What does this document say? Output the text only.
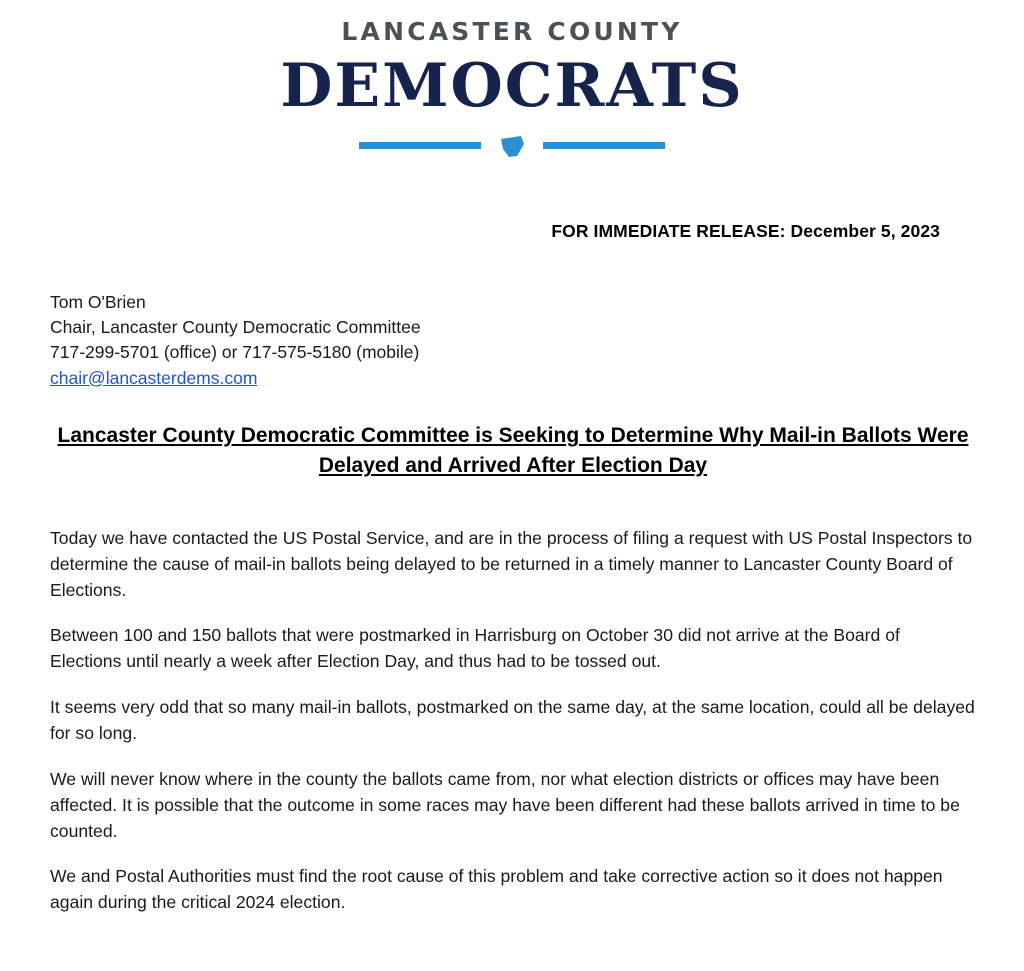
LANCASTER COUNTY
DEMOCRATS
FOR IMMEDIATE RELEASE: December 5, 2023
Tom O'Brien
Chair, Lancaster County Democratic Committee
717-299-5701 (office) or 717-575-5180 (mobile)
chair@lancasterdems.com
Lancaster County Democratic Committee is Seeking to Determine Why Mail-in Ballots Were Delayed and Arrived After Election Day

Today we have contacted the US Postal Service, and are in the process of filing a request with US Postal Inspectors to determine the cause of mail-in ballots being delayed to be returned in a timely manner to Lancaster County Board of Elections.

Between 100 and 150 ballots that were postmarked in Harrisburg on October 30 did not arrive at the Board of Elections until nearly a week after Election Day, and thus had to be tossed out.

It seems very odd that so many mail-in ballots, postmarked on the same day, at the same location, could all be delayed for so long.

We will never know where in the county the ballots came from, nor what election districts or offices may have been affected. It is possible that the outcome in some races may have been different had these ballots arrived in time to be counted.

We and Postal Authorities must find the root cause of this problem and take corrective action so it does not happen again during the critical 2024 election.
